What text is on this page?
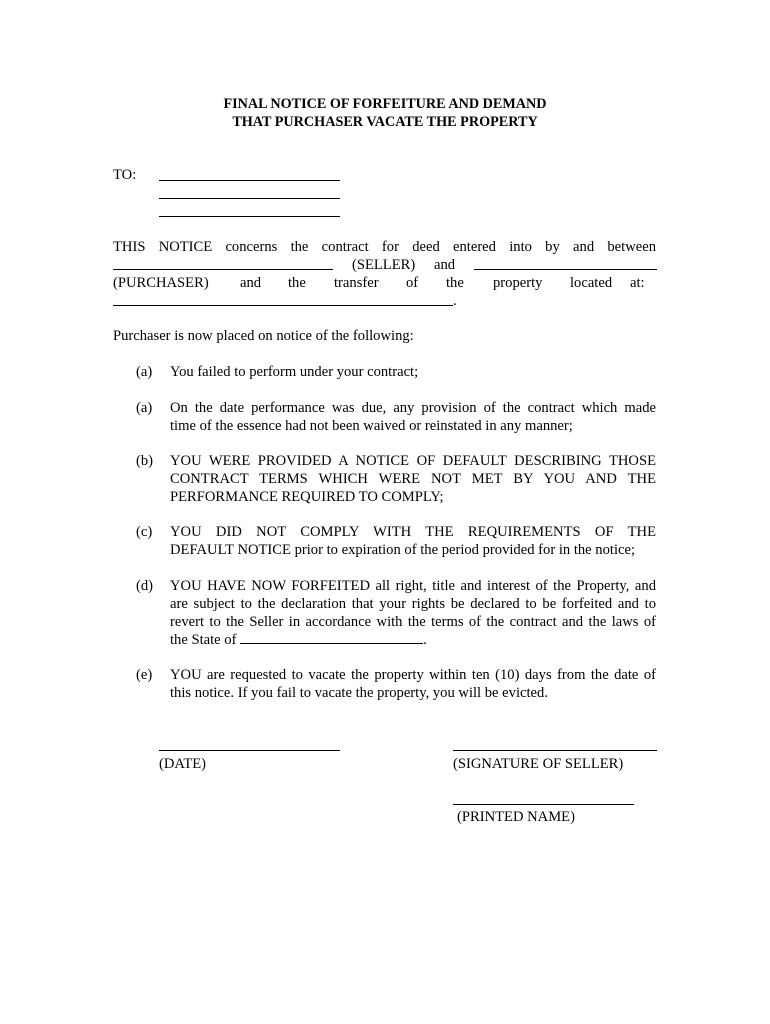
FINAL NOTICE OF FORFEITURE AND DEMAND
THAT PURCHASER VACATE THE PROPERTY
TO:
THIS NOTICE concerns the contract for deed entered into by and between
(SELLER) and
(PURCHASER) and the transfer of the property located at:
.
Purchaser is now placed on notice of the following:
(a) You failed to perform under your contract;
(a) On the date performance was due, any provision of the contract which made
time of the essence had not been waived or reinstated in any manner;
(b) YOU WERE PROVIDED A NOTICE OF DEFAULT DESCRIBING THOSE
CONTRACT TERMS WHICH WERE NOT MET BY YOU AND THE
PERFORMANCE REQUIRED TO COMPLY;
(c) YOU DID NOT COMPLY WITH THE REQUIREMENTS OF THE
DEFAULT NOTICE prior to expiration of the period provided for in the notice;
(d) YOU HAVE NOW FORFEITED all right, title and interest of the Property, and
are subject to the declaration that your rights be declared to be forfeited and to
revert to the Seller in accordance with the terms of the contract and the laws of
the State of	.
(e) YOU are requested to vacate the property within ten (10) days from the date of
this notice. If you fail to vacate the property, you will be evicted.
(DATE)	(SIGNATURE OF SELLER)
(PRINTED NAME)
